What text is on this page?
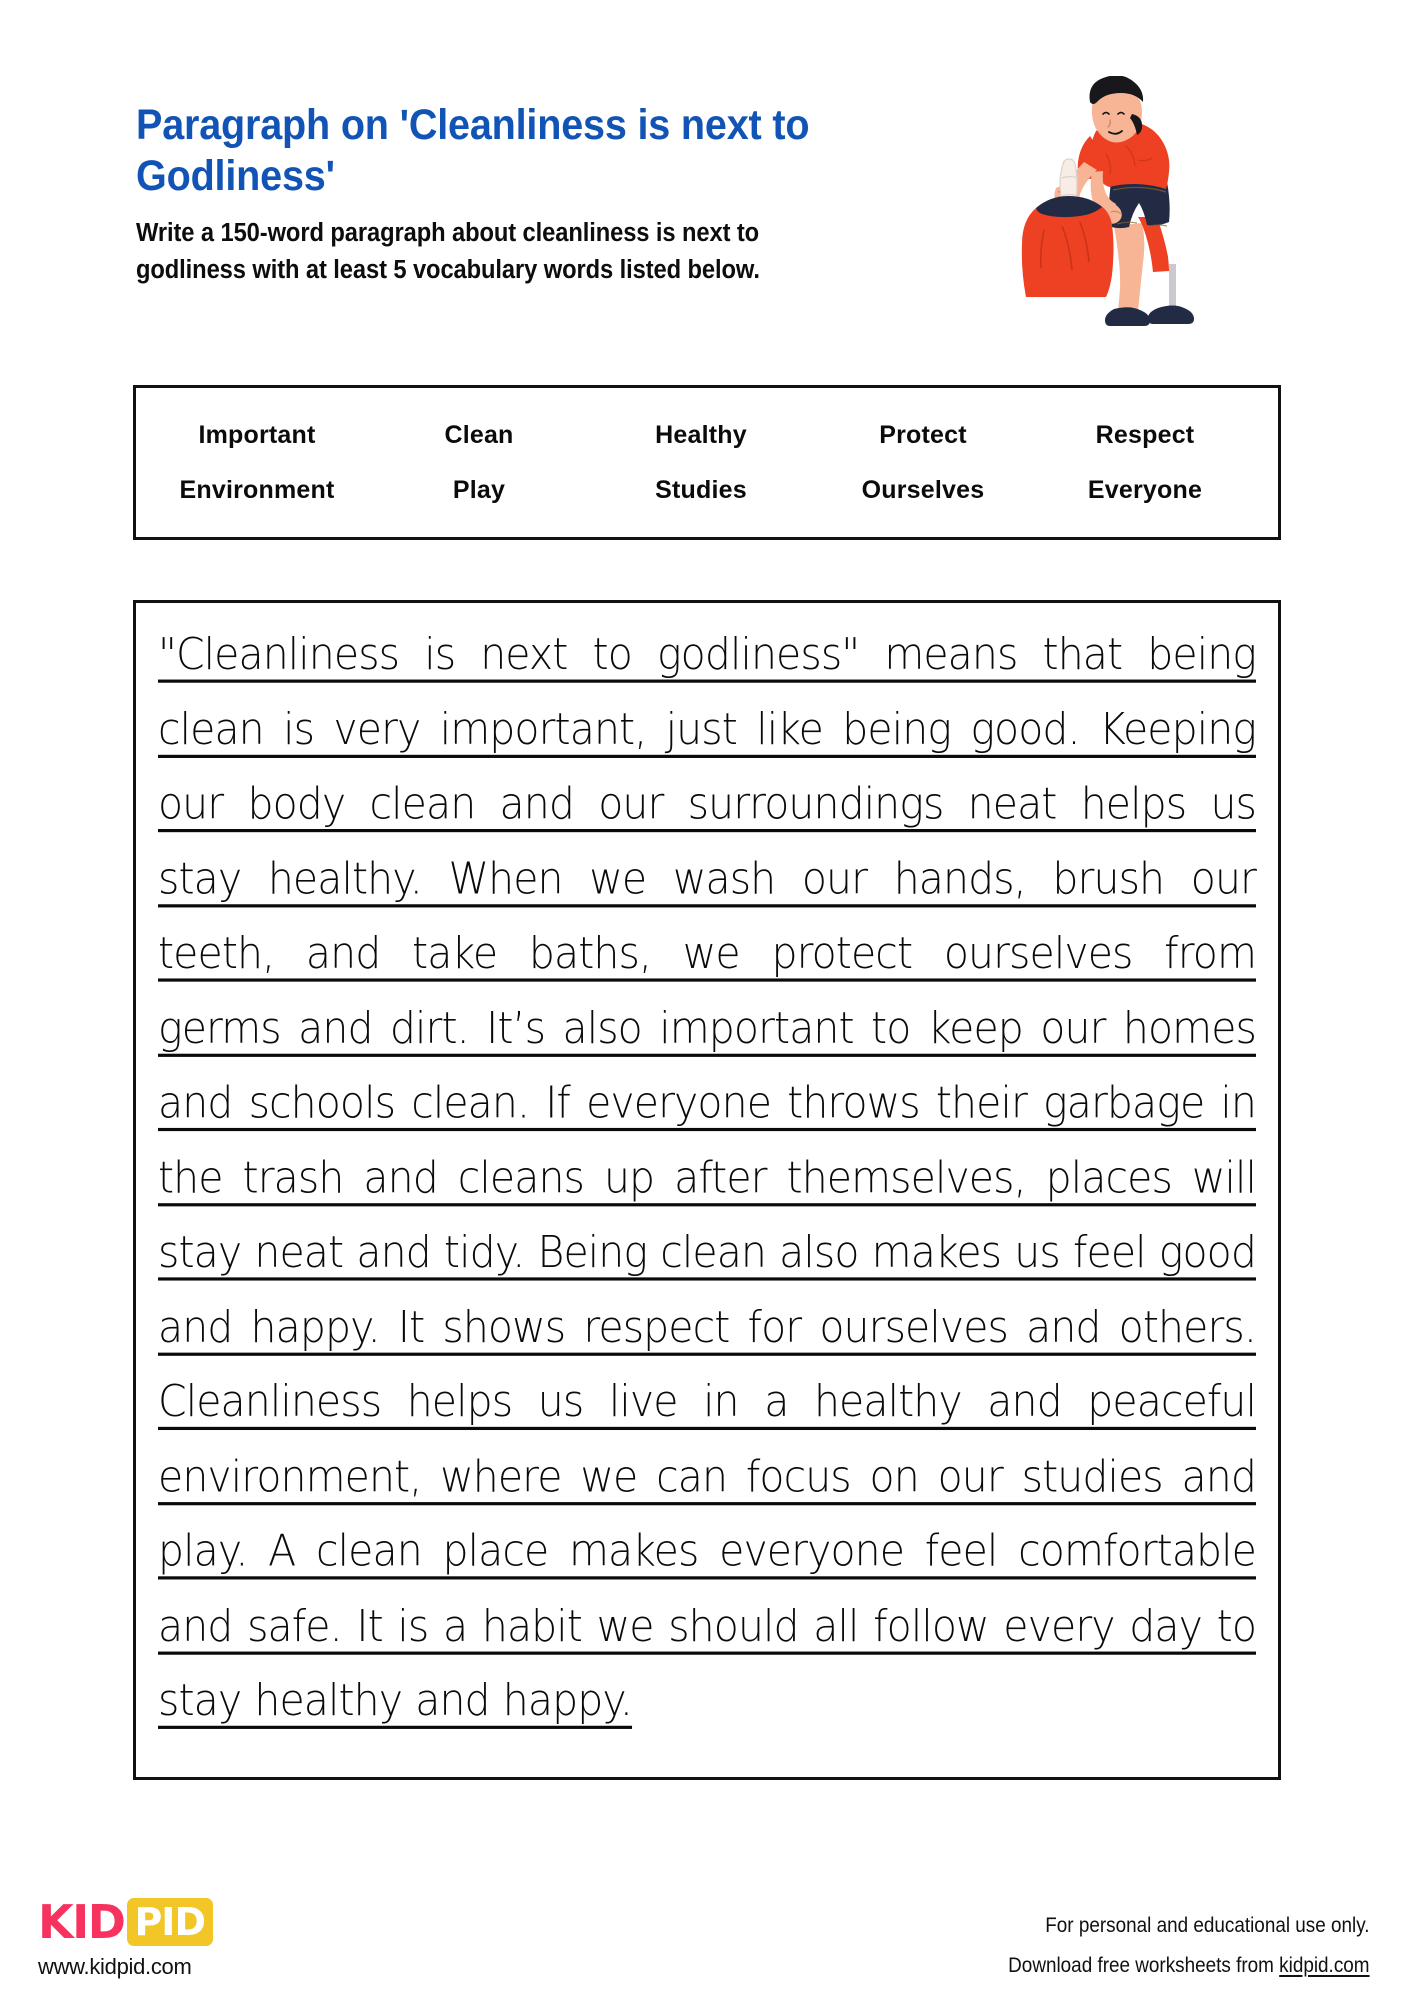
Paragraph on 'Cleanliness is next to Godliness'

Write a 150-word paragraph about cleanliness is next to godliness with at least 5 vocabulary words listed below.

Important	Clean	Healthy	Protect	Respect
Environment	Play	Studies	Ourselves	Everyone

"Cleanliness is next to godliness" means that being clean is very important, just like being good. Keeping our body clean and our surroundings neat helps us stay healthy. When we wash our hands, brush our teeth, and take baths, we protect ourselves from germs and dirt. It’s also important to keep our homes and schools clean. If everyone throws their garbage in the trash and cleans up after themselves, places will stay neat and tidy. Being clean also makes us feel good and happy. It shows respect for ourselves and others. Cleanliness helps us live in a healthy and peaceful environment, where we can focus on our studies and play. A clean place makes everyone feel comfortable and safe. It is a habit we should all follow every day to stay healthy and happy.

KID PID
www.kidpid.com
For personal and educational use only.
Download free worksheets from kidpid.com
